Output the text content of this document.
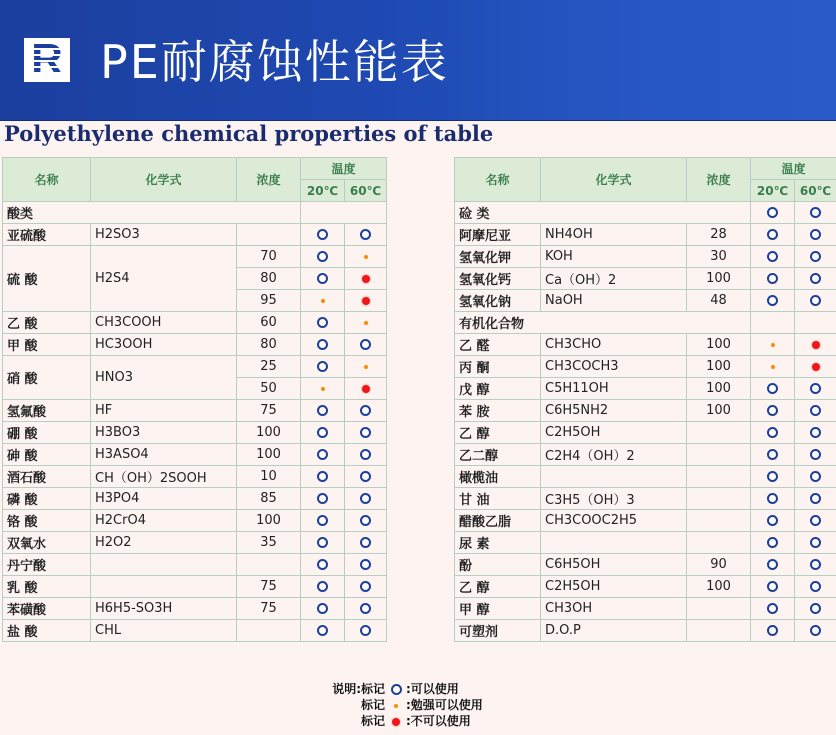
R PE耐腐蚀性能表
Polyethylene chemical properties of table
名称	化学式	浓度	温度	
			20℃	60℃
酸类				
亚硫酸	H2SO3			
硫 酸	H2S4	70		
		80		
		95		
乙 酸	CH3COOH	60		
甲 酸	HC3OOH	80		
硝 酸	HNO3	25		
		50		
氢氟酸	HF	75		
硼 酸	H3BO3	100		
砷 酸	H3ASO4	100		
酒石酸	CH（OH）2SOOH	10		
磷 酸	H3PO4	85		
铬 酸	H2CrO4	100		
双氧水	H2O2	35		
丹宁酸				
乳 酸		75		
苯磺酸	H6H5-SO3H	75		
盐 酸	CHL			
名称	化学式	浓度	温度	
			20℃	60℃
硷 类				
阿摩尼亚	NH4OH	28		
氢氧化钾	KOH	30		
氢氧化钙	Ca（OH）2	100		
氢氧化钠	NaOH	48		
有机化合物				
乙 醛	CH3CHO	100		
丙 酮	CH3COCH3	100		
戊 醇	C5H11OH	100		
苯 胺	C6H5NH2	100		
乙 醇	C2H5OH			
乙二醇	C2H4（OH）2			
橄榄油				
甘 油	C3H5（OH）3			
醋酸乙脂	CH3COOC2H5			
尿 素				
酚	C6H5OH	90		
乙 醇	C2H5OH	100		
甲 醇	CH3OH			
可塑剂	D.O.P			
说明:标记 :可以使用
标记 :勉强可以使用
标记 :不可以使用
